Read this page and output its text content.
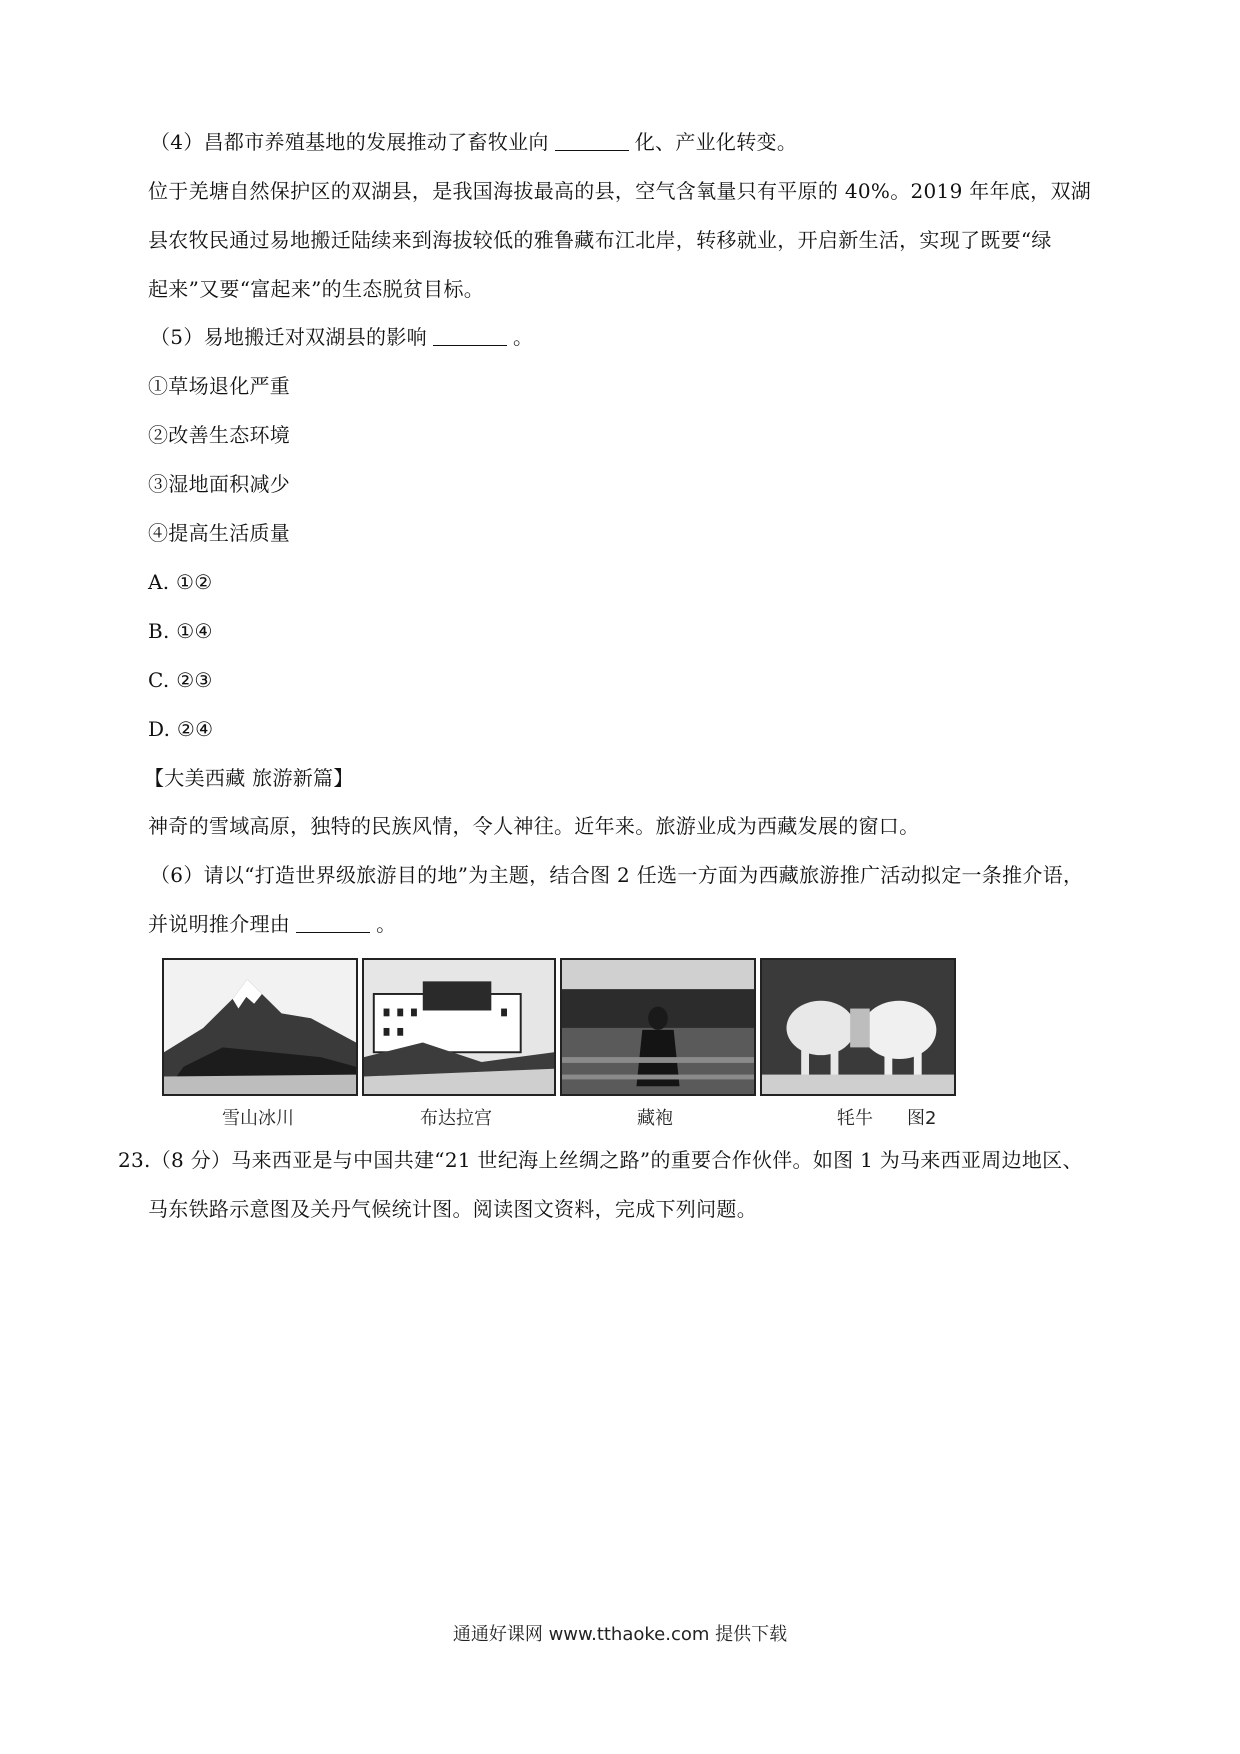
（4）昌都市养殖基地的发展推动了畜牧业向	化、产业化转变。
位于羌塘自然保护区的双湖县，是我国海拔最高的县，空气含氧量只有平原的 40%。2019 年年底，双湖
县农牧民通过易地搬迁陆续来到海拔较低的雅鲁藏布江北岸，转移就业，开启新生活，实现了既要“绿
起来”又要“富起来”的生态脱贫目标。
（5）易地搬迁对双湖县的影响	。
①草场退化严重
②改善生态环境
③湿地面积减少
④提高生活质量
A. ①②
B. ①④
C. ②③
D. ②④
【大美西藏 旅游新篇】
神奇的雪域高原，独特的民族风情，令人神往。近年来。旅游业成为西藏发展的窗口。
（6）请以“打造世界级旅游目的地”为主题，结合图 2 任选一方面为西藏旅游推广活动拟定一条推介语，
并说明推介理由	。
雪山冰川	布达拉宫	藏袍	牦牛 图2
23.（8 分）马来西亚是与中国共建“21 世纪海上丝绸之路”的重要合作伙伴。如图 1 为马来西亚周边地区、
马东铁路示意图及关丹气候统计图。阅读图文资料，完成下列问题。
通通好课网 www.tthaoke.com 提供下载
